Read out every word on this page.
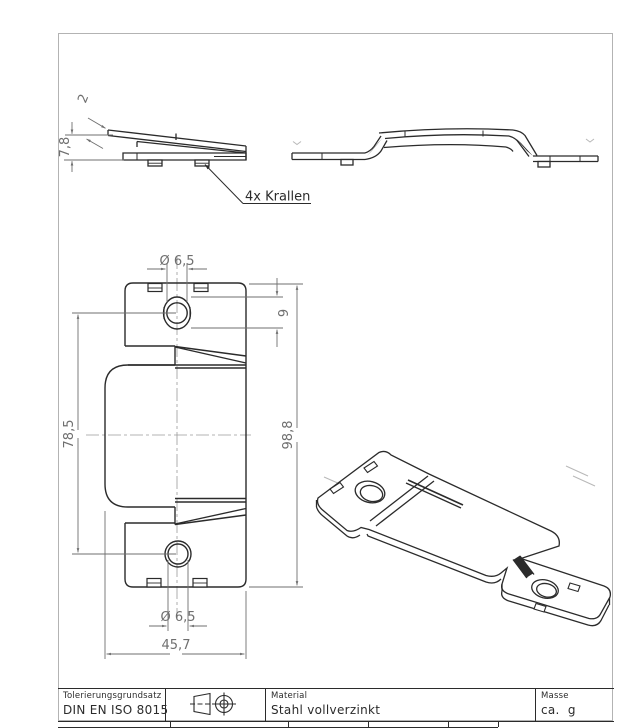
7,8
2
4x Krallen
Ø 6,5
9
78,5	98,8
Ø 6,5
45,7
Tolerierungsgrundsatz
DIN EN ISO 8015
Material
Stahl vollverzinkt
Masse
ca.  g
